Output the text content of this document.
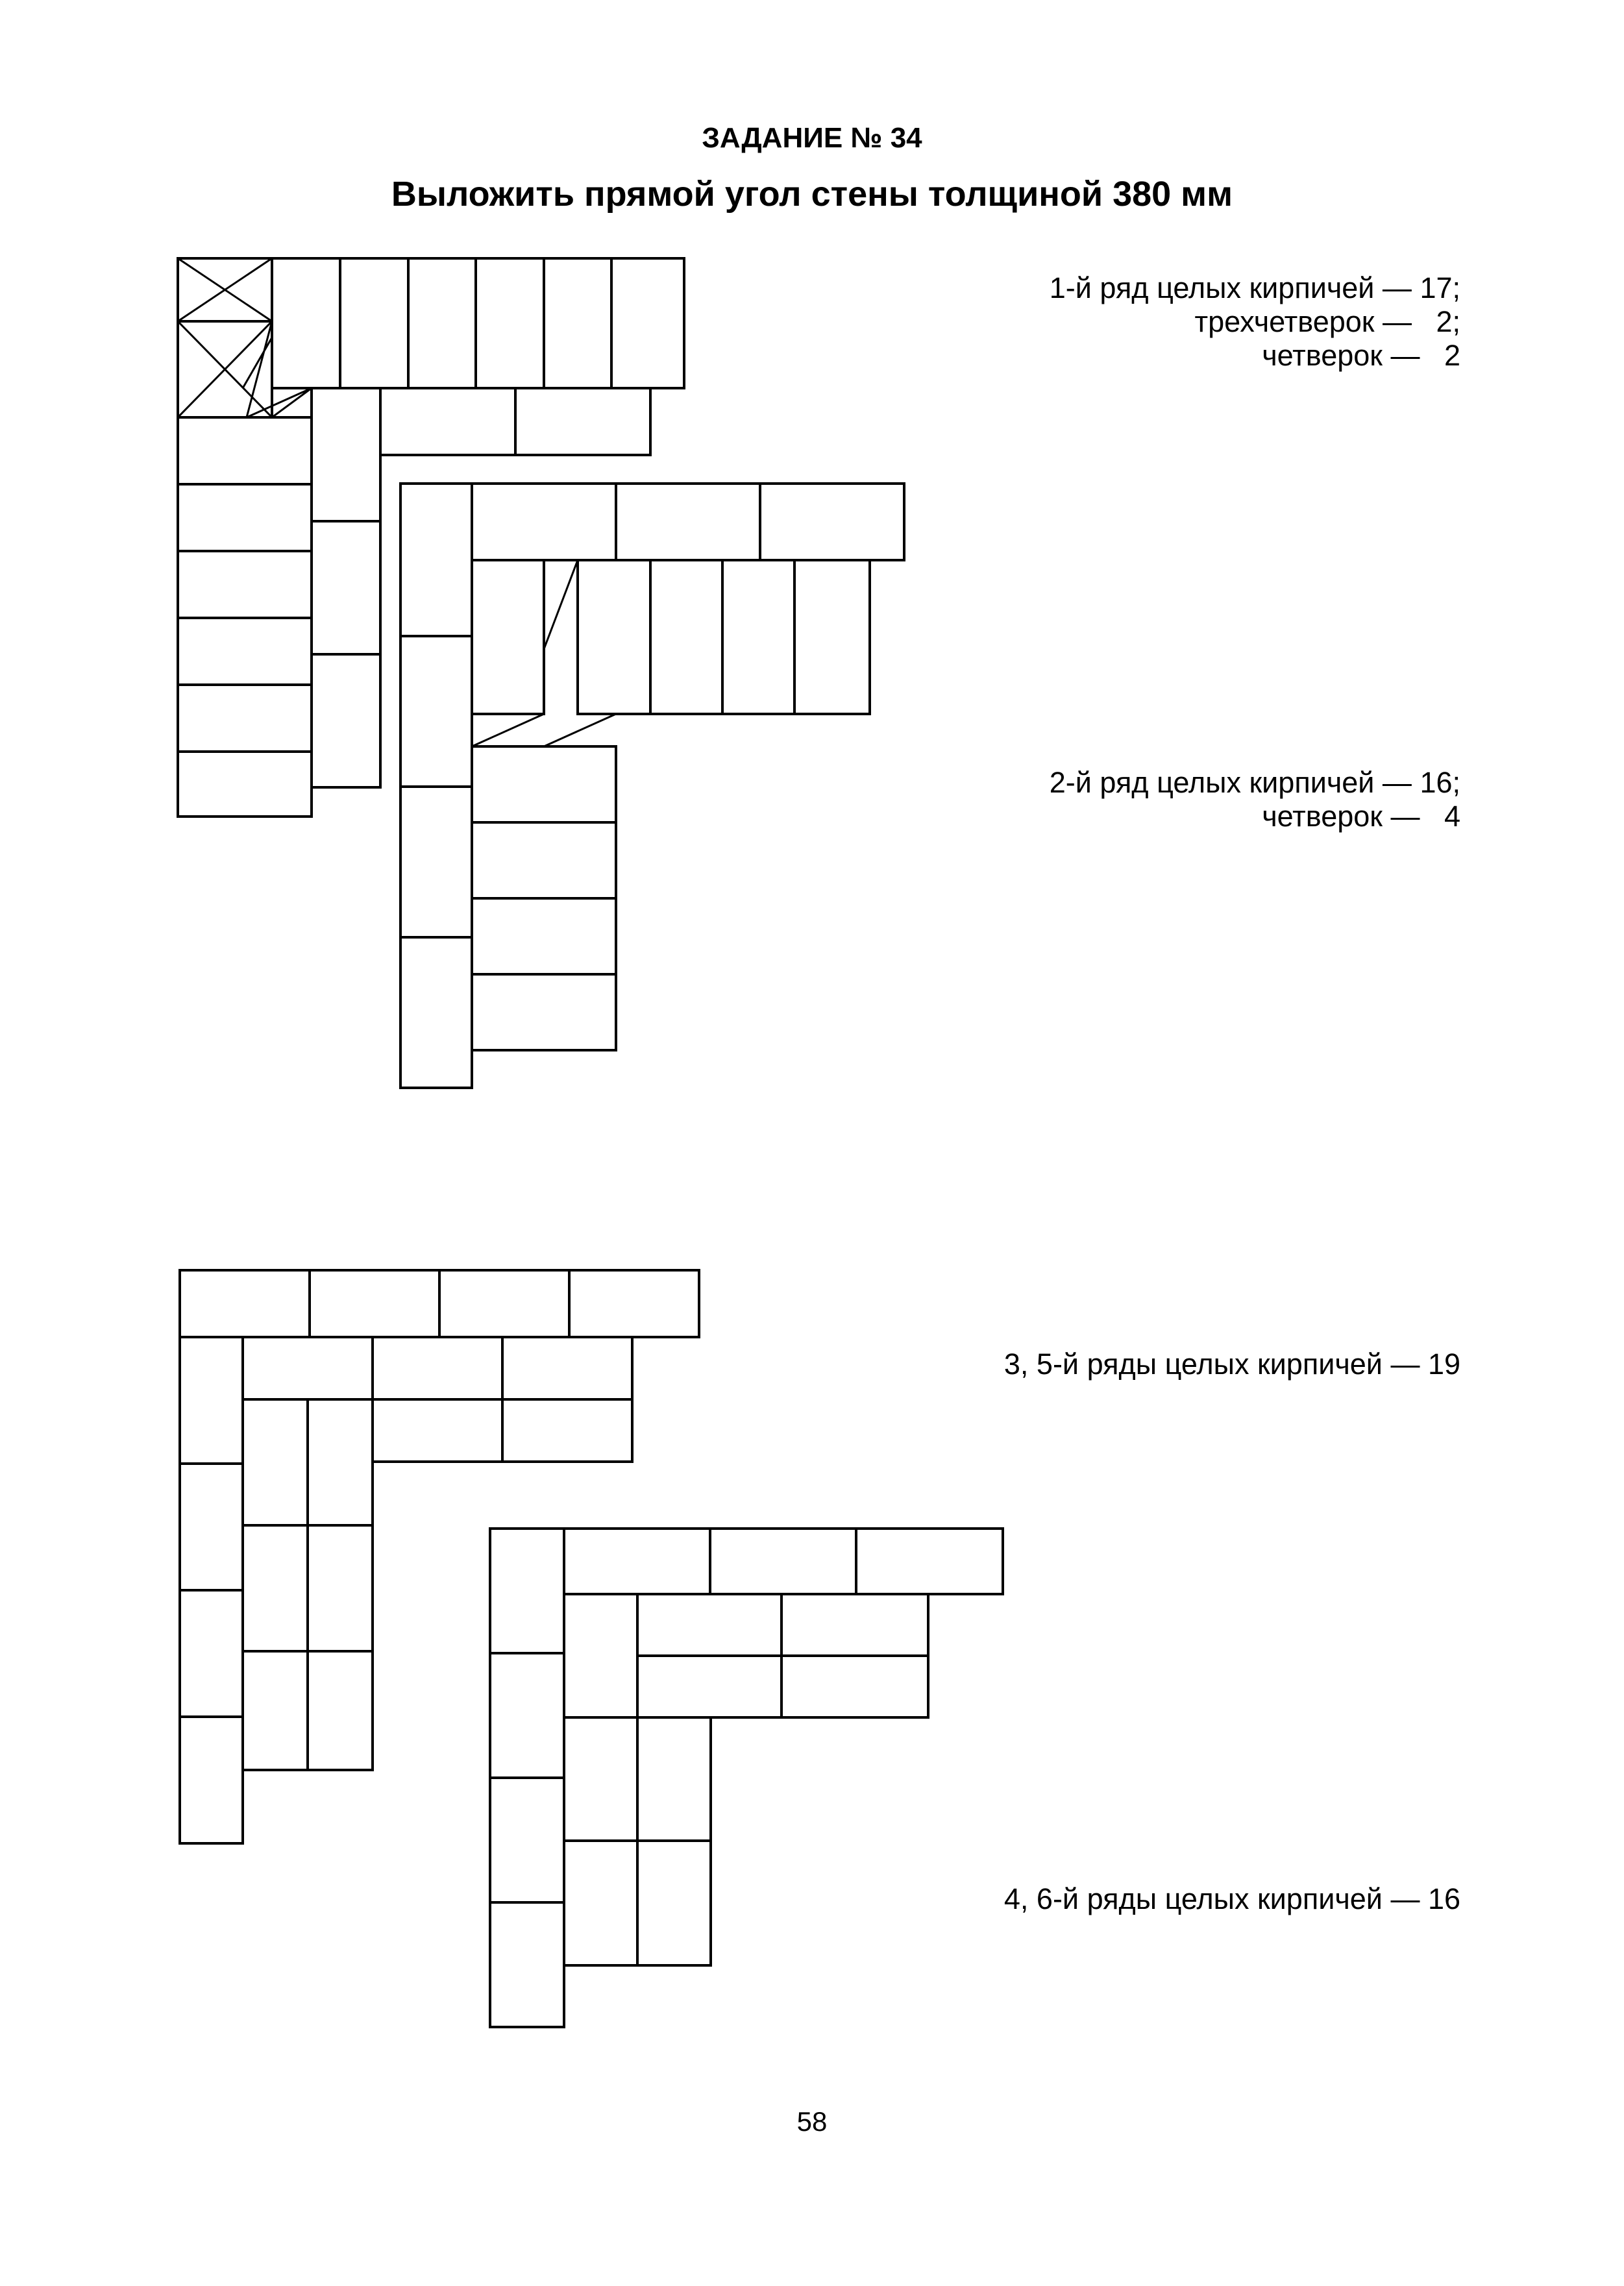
ЗАДАНИЕ № 34
Выложить прямой угол стены толщиной 380 мм
1-й ряд целых кирпичей — 17;
трехчетверок —   2;
четверок —   2
2-й ряд целых кирпичей — 16;
четверок —   4
3, 5-й ряды целых кирпичей — 19
4, 6-й ряды целых кирпичей — 16
58
